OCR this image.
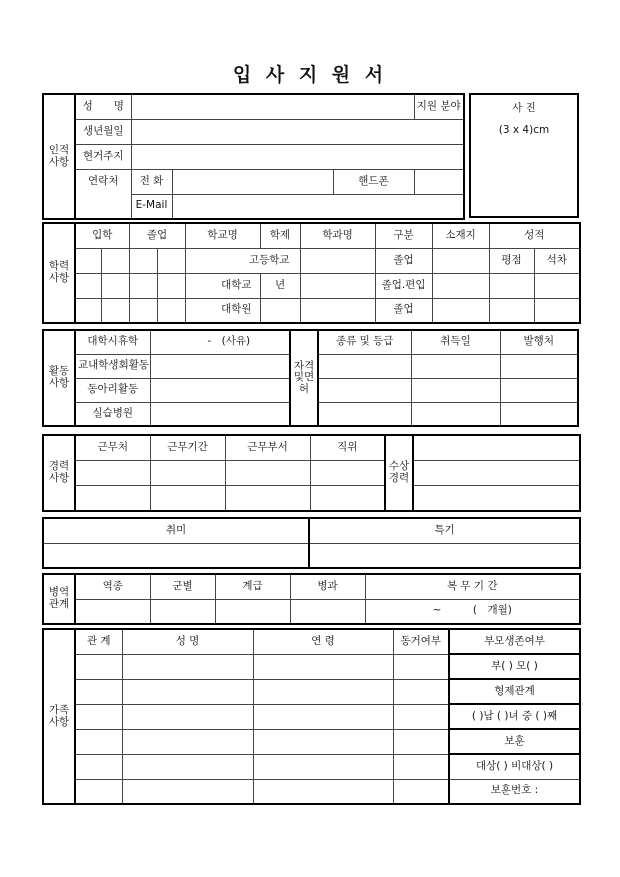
입 사 지 원 서
인적사항	성　　명				지원 분야
	생년월일				
	현거주지				
	연락처	전 화		핸드폰	
		E-Mail			
사 진
(3 x 4)cm
학력사항	입학		졸업		학교명	학제	학과명	구분	소재지	성적	
					고등학교			졸업		평점	석차
					대학교	년		졸업.편입			
					대학원			졸업			
활동사항	대학시휴학	-　(사유)	자격및면허	종류 및 등급	취득일	발행처
	교내학생회활동					
	동아리활동					
	실습병원					
경력사항	근무처	근무기간	근무부서	직위	수상경력	

취미	특기

병역관계	역종	군별	계급	병과	복 무 기 간
					~　　　(　개월)
가족사항	관 계	성 명	연 령	동거여부	부모생존여부
					부( ) 모( )
					형제관계
					( )남 ( )녀 중 ( )째
					보훈
					대상( ) 비대상( )
					보훈번호 :
